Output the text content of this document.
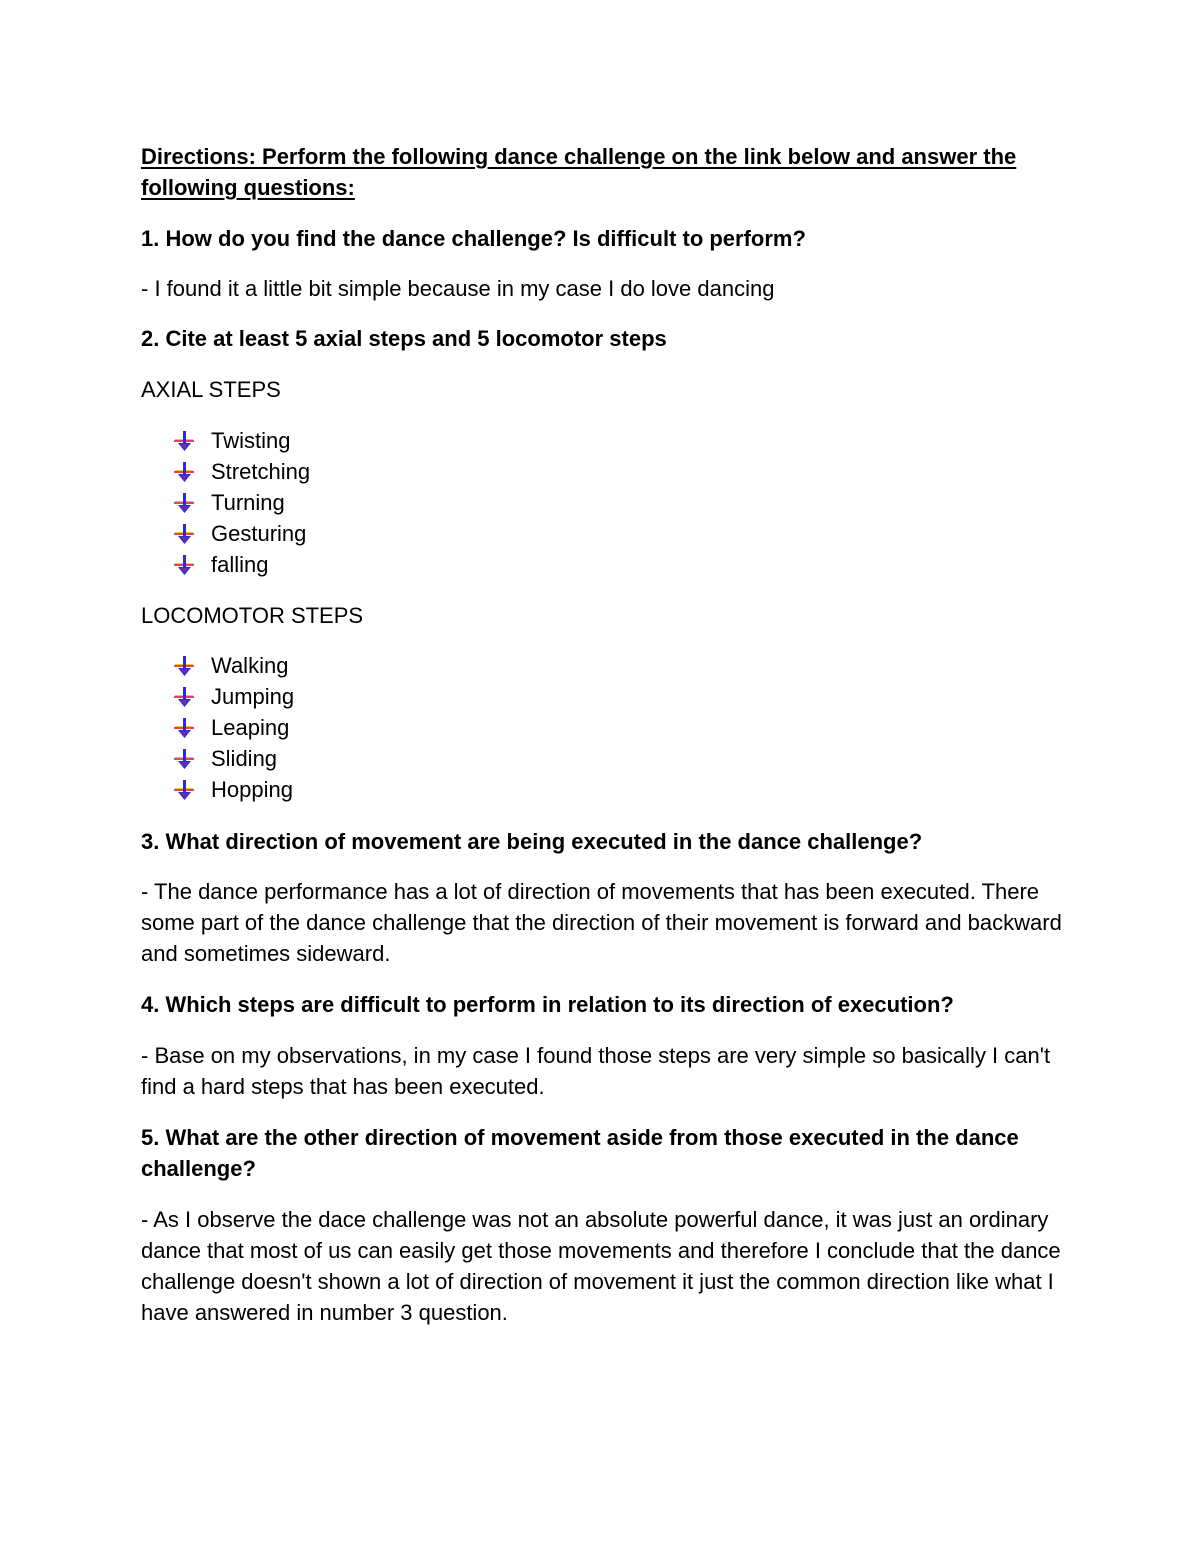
Directions: Perform the following dance challenge on the link below and answer the following questions:

1. How do you find the dance challenge? Is difficult to perform?

- I found it a little bit simple because in my case I do love dancing

2. Cite at least 5 axial steps and 5 locomotor steps

AXIAL STEPS

Twisting
Stretching
Turning
Gesturing
falling

LOCOMOTOR STEPS

Walking
Jumping
Leaping
Sliding
Hopping

3. What direction of movement are being executed in the dance challenge?

- The dance performance has a lot of direction of movements that has been executed. There some part of the dance challenge that the direction of their movement is forward and backward and sometimes sideward.

4. Which steps are difficult to perform in relation to its direction of execution?

- Base on my observations, in my case I found those steps are very simple so basically I can't find a hard steps that has been executed.

5. What are the other direction of movement aside from those executed in the dance challenge?

- As I observe the dace challenge was not an absolute powerful dance, it was just an ordinary dance that most of us can easily get those movements and therefore I conclude that the dance challenge doesn't shown a lot of direction of movement it just the common direction like what I have answered in number 3 question.
